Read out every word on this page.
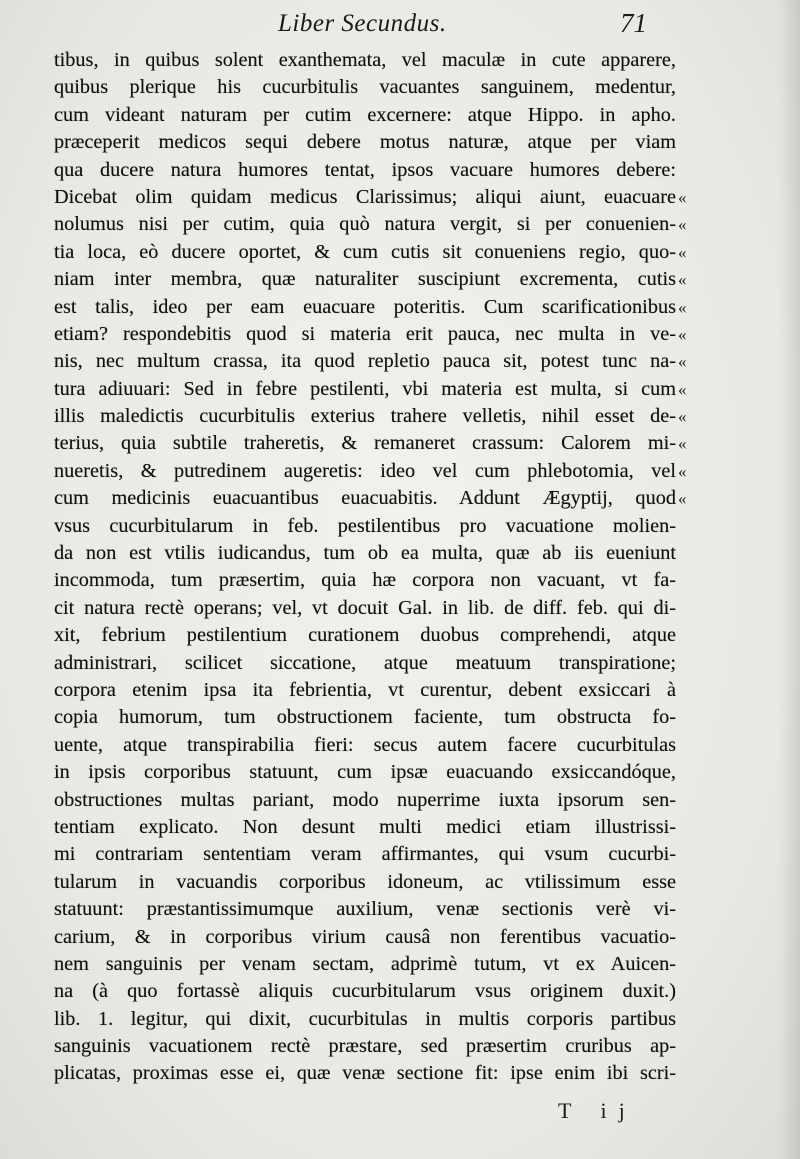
Liber Secundus.	71
tibus, in quibus solent exanthemata, vel maculæ in cute apparere,
quibus plerique his cucurbitulis vacuantes sanguinem, medentur,
cum videant naturam per cutim excernere: atque Hippo. in apho.
præceperit medicos sequi debere motus naturæ, atque per viam
qua ducere natura humores tentat, ipsos vacuare humores debere:
Dicebat olim quidam medicus Clarissimus; aliqui aiunt, euacuare
nolumus nisi per cutim, quia quò natura vergit, si per conuenien-
tia loca, eò ducere oportet, & cum cutis sit conueniens regio, quo-
niam inter membra, quæ naturaliter suscipiunt excrementa, cutis
est talis, ideo per eam euacuare poteritis. Cum scarificationibus
etiam? respondebitis quod si materia erit pauca, nec multa in ve-
nis, nec multum crassa, ita quod repletio pauca sit, potest tunc na-
tura adiuuari: Sed in febre pestilenti, vbi materia est multa, si cum
illis maledictis cucurbitulis exterius trahere velletis, nihil esset de-
terius, quia subtile traheretis, & remaneret crassum: Calorem mi-
nueretis, & putredinem augeretis: ideo vel cum phlebotomia, vel
cum medicinis euacuantibus euacuabitis. Addunt Ægyptij, quod
vsus cucurbitularum in feb. pestilentibus pro vacuatione molien-
da non est vtilis iudicandus, tum ob ea multa, quæ ab iis eueniunt
incommoda, tum præsertim, quia hæ corpora non vacuant, vt fa-
cit natura rectè operans; vel, vt docuit Gal. in lib. de diff. feb. qui di-
xit, febrium pestilentium curationem duobus comprehendi, atque
administrari, scilicet siccatione, atque meatuum transpiratione;
corpora etenim ipsa ita febrientia, vt curentur, debent exsiccari à
copia humorum, tum obstructionem faciente, tum obstructa fo-
uente, atque transpirabilia fieri: secus autem facere cucurbitulas
in ipsis corporibus statuunt, cum ipsæ euacuando exsiccandóque,
obstructiones multas pariant, modo nuperrime iuxta ipsorum sen-
tentiam explicato. Non desunt multi medici etiam illustrissi-
mi contrariam sententiam veram affirmantes, qui vsum cucurbi-
tularum in vacuandis corporibus idoneum, ac vtilissimum esse
statuunt: præstantissimumque auxilium, venæ sectionis verè vi-
carium, & in corporibus virium causâ non ferentibus vacuatio-
nem sanguinis per venam sectam, adprimè tutum, vt ex Auicen-
na (à quo fortassè aliquis cucurbitularum vsus originem duxit.)
lib. 1. legitur, qui dixit, cucurbitulas in multis corporis partibus
sanguinis vacuationem rectè præstare, sed præsertim cruribus ap-
plicatas, proximas esse ei, quæ venæ sectione fit: ipse enim ibi scri-
«
«
«
«
«
«
«
«
«
«
«
«
T ij
